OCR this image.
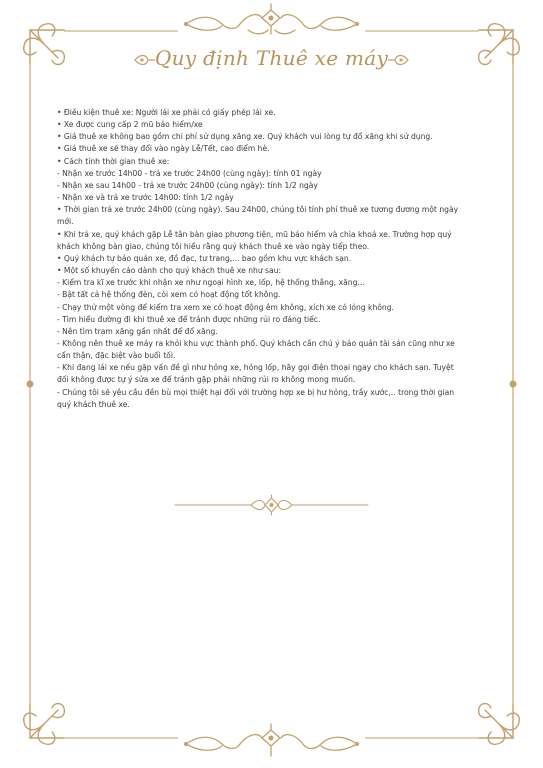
Quy định Thuê xe máy

• Điều kiện thuê xe: Người lái xe phải có giấy phép lái xe.

• Xe được cung cấp 2 mũ bảo hiểm/xe

• Giá thuê xe không bao gồm chi phí sử dụng xăng xe. Quý khách vui lòng tự đổ xăng khi sử dụng.

• Giá thuê xe sẽ thay đổi vào ngày Lễ/Tết, cao điểm hè.

• Cách tính thời gian thuê xe:

- Nhận xe trước 14h00 - trả xe trước 24h00 (cùng ngày): tính 01 ngày

- Nhận xe sau 14h00 - trả xe trước 24h00 (cùng ngày): tính 1/2 ngày

- Nhận xe và trả xe trước 14h00: tính 1/2 ngày

• Thời gian trả xe trước 24h00 (cùng ngày). Sau 24h00, chúng tôi tính phí thuê xe tương đương một ngày

mới.

• Khi trả xe, quý khách gặp Lễ tân bàn giao phương tiện, mũ bảo hiểm và chìa khoá xe. Trường hợp quý

khách không bàn giao, chúng tôi hiểu rằng quý khách thuê xe vào ngày tiếp theo.

• Quý khách tự bảo quản xe, đồ đạc, tư trang,... bao gồm khu vực khách sạn.

• Một số khuyến cáo dành cho quý khách thuê xe như sau:

- Kiểm tra kĩ xe trước khi nhận xe như ngoại hình xe, lốp, hệ thống thắng, xăng…

- Bật tất cả hệ thống đèn, còi xem có hoạt động tốt không.

- Chạy thử một vòng để kiểm tra xem xe có hoạt động êm không, xích xe có lỏng không.

- Tìm hiểu đường đi khi thuê xe để tránh được những rủi ro đáng tiếc.

- Nên tìm trạm xăng gần nhất để đổ xăng.

- Không nên thuê xe máy ra khỏi khu vực thành phố. Quý khách cần chú ý bảo quản tài sản cũng như xe

cẩn thận, đặc biệt vào buổi tối.

- Khi đang lái xe nếu gặp vấn đề gì như hỏng xe, hỏng lốp, hãy gọi điện thoại ngay cho khách sạn. Tuyệt

đối không được tự ý sửa xe để tránh gặp phải những rủi ro không mong muốn.

- Chúng tôi sẽ yêu cầu đền bù mọi thiệt hại đối với trường hợp xe bị hư hỏng, trầy xước,.. trong thời gian

quý khách thuê xe.
